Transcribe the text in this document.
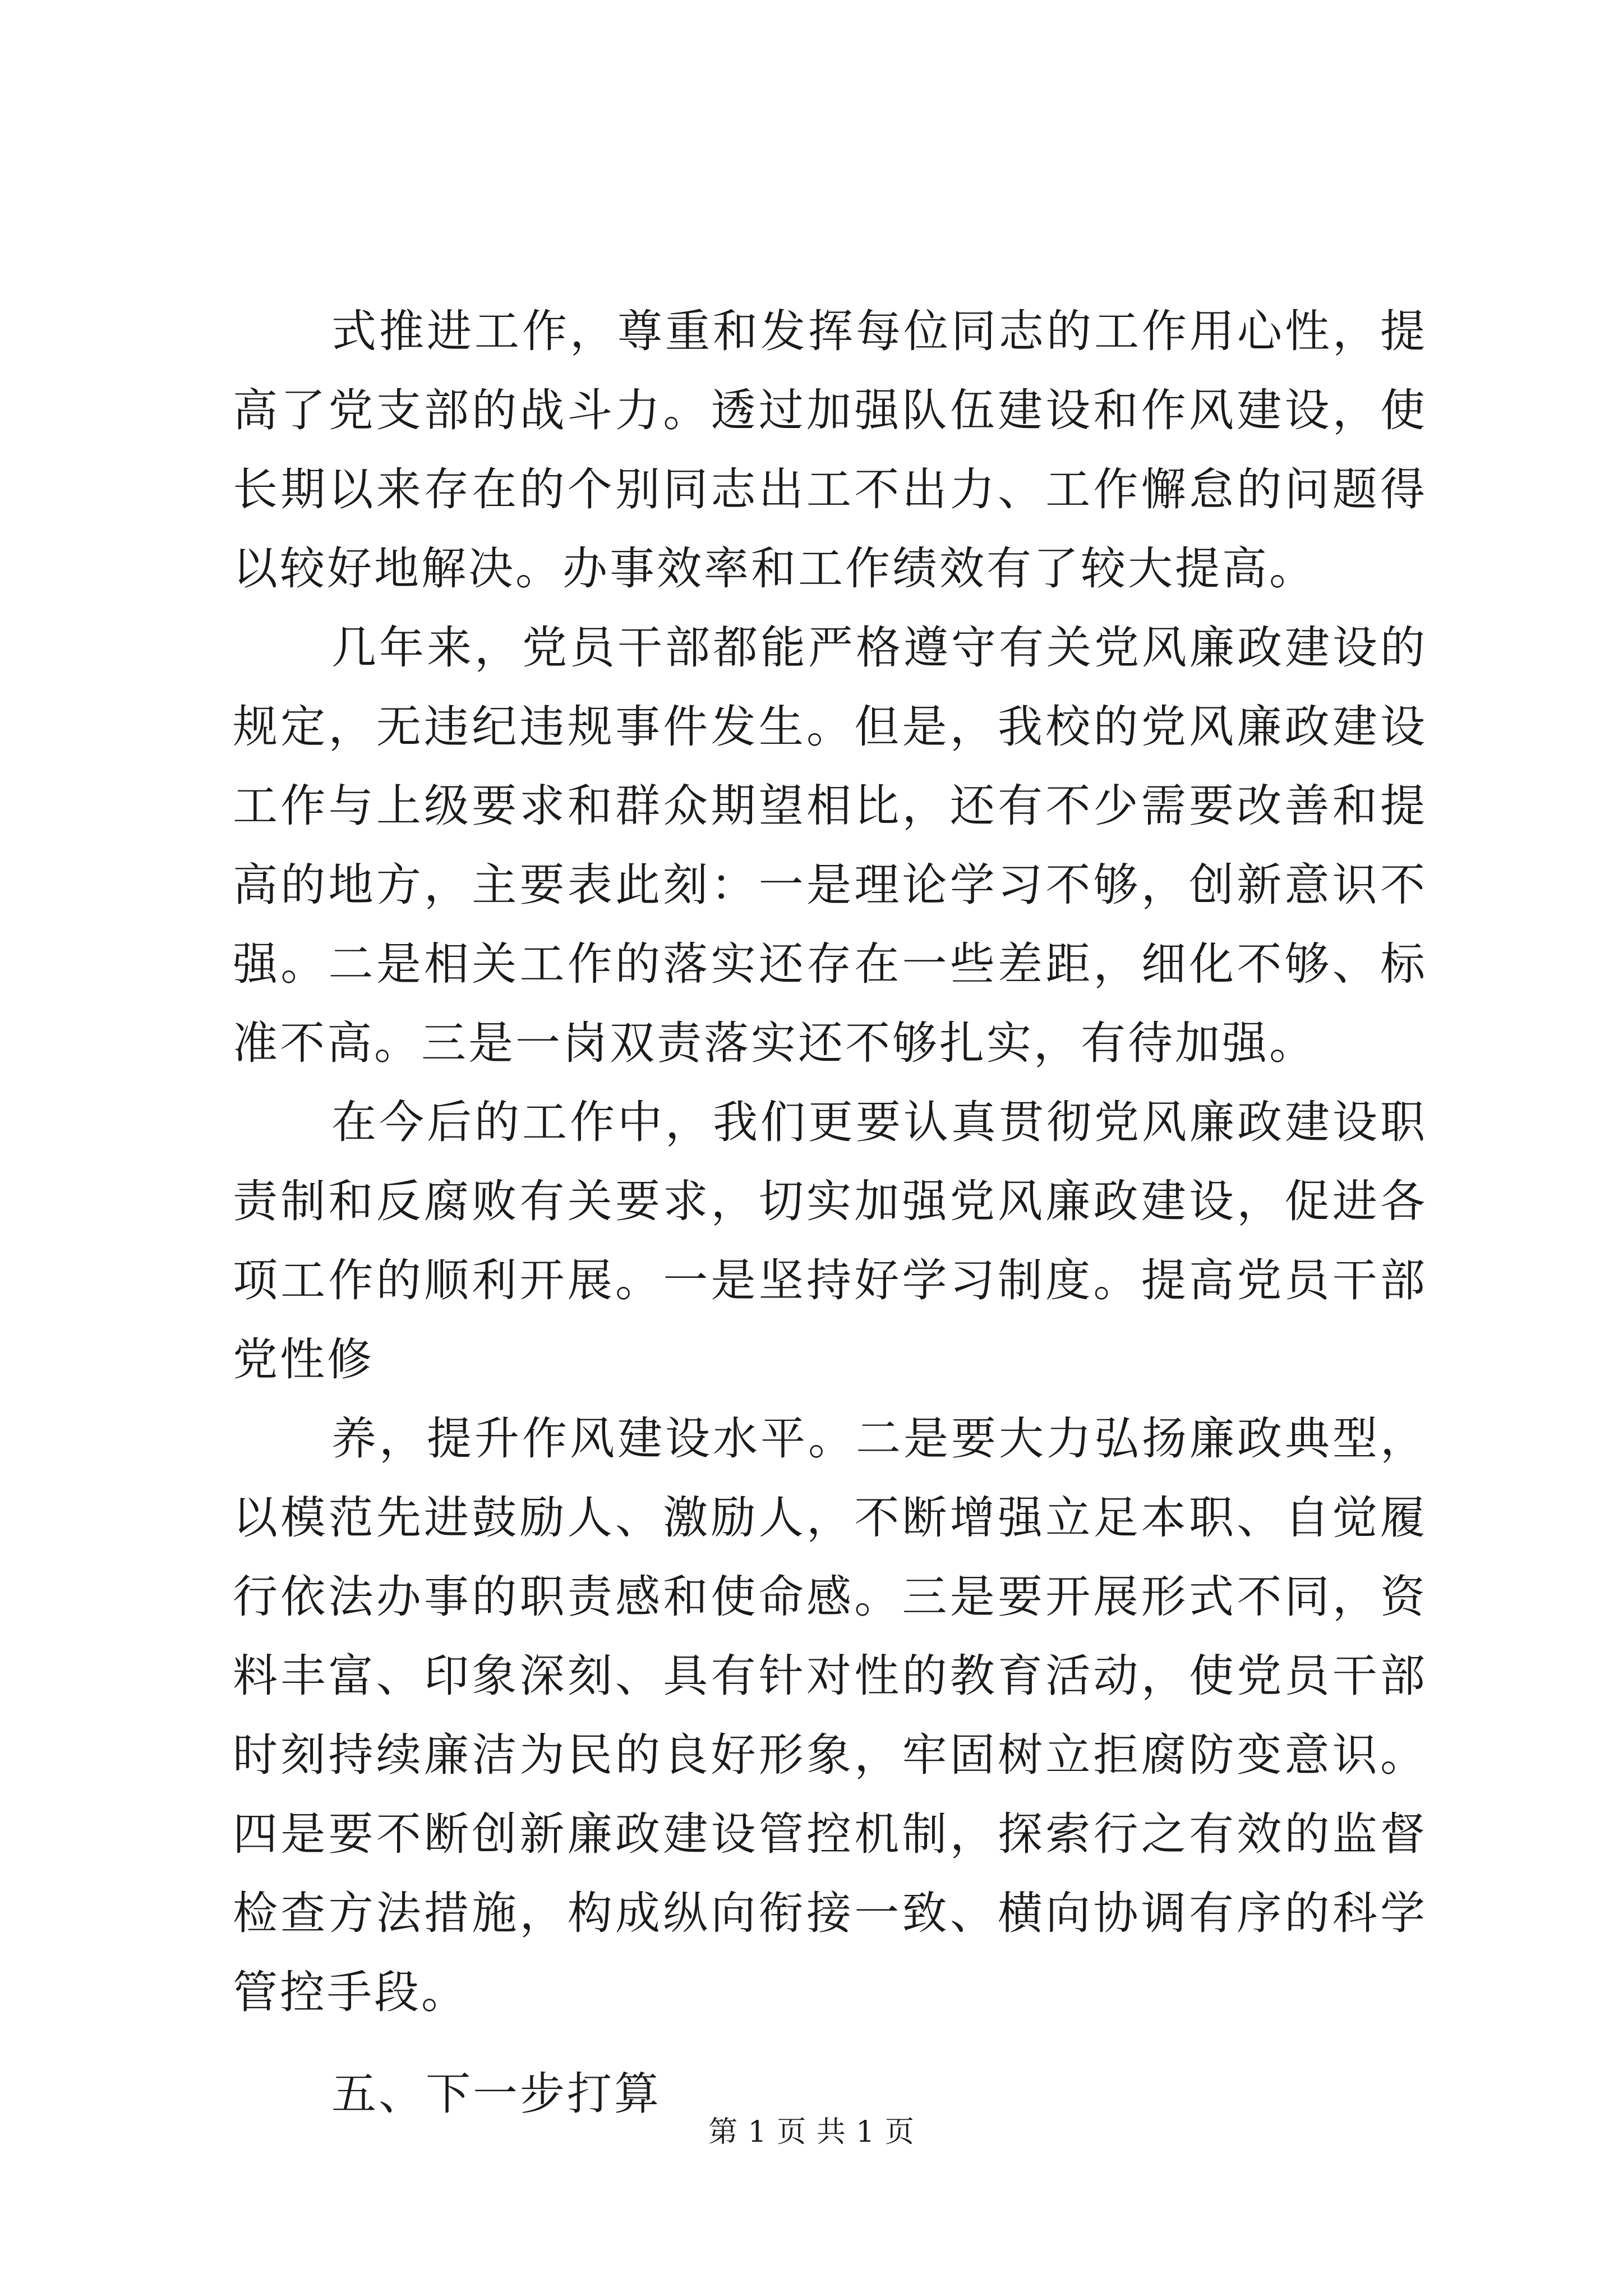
式推进工作，尊重和发挥每位同志的工作用心性，提高了党支部的战斗力。透过加强队伍建设和作风建设，使长期以来存在的个别同志出工不出力、工作懈怠的问题得以较好地解决。办事效率和工作绩效有了较大提高。

几年来，党员干部都能严格遵守有关党风廉政建设的规定，无违纪违规事件发生。但是，我校的党风廉政建设工作与上级要求和群众期望相比，还有不少需要改善和提高的地方，主要表此刻：一是理论学习不够，创新意识不强。二是相关工作的落实还存在一些差距，细化不够、标准不高。三是一岗双责落实还不够扎实，有待加强。

在今后的工作中，我们更要认真贯彻党风廉政建设职责制和反腐败有关要求，切实加强党风廉政建设，促进各项工作的顺利开展。一是坚持好学习制度。提高党员干部党性修

养，提升作风建设水平。二是要大力弘扬廉政典型，以模范先进鼓励人、激励人，不断增强立足本职、自觉履行依法办事的职责感和使命感。三是要开展形式不同，资料丰富、印象深刻、具有针对性的教育活动，使党员干部时刻持续廉洁为民的良好形象，牢固树立拒腐防变意识。四是要不断创新廉政建设管控机制，探索行之有效的监督检查方法措施，构成纵向衔接一致、横向协调有序的科学管控手段。

五、下一步打算

第 1 页 共 1 页
